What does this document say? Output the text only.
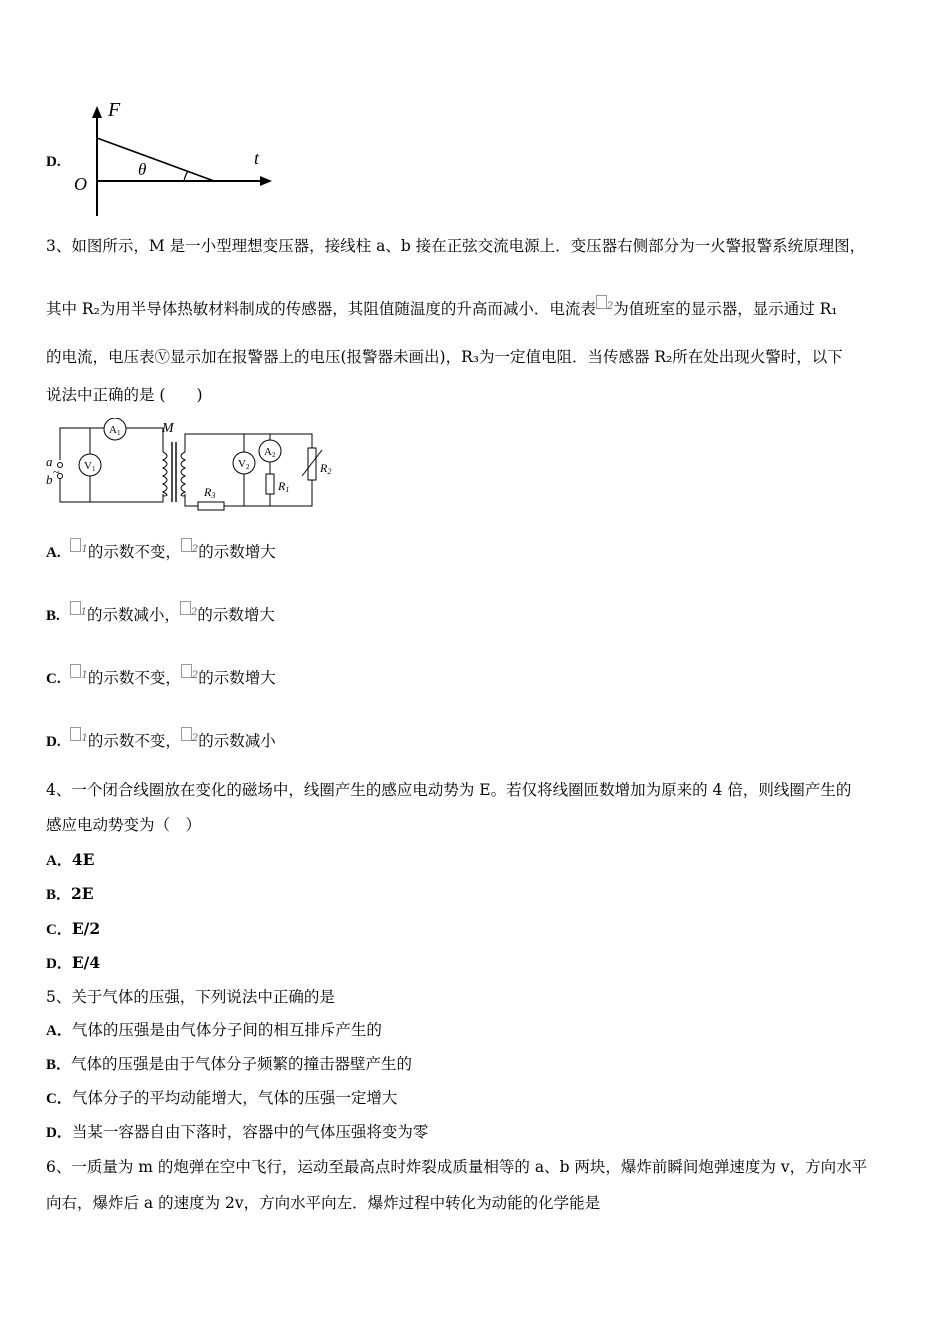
D.
F
t
O
θ
3、如图所示，M 是一小型理想变压器，接线柱 a、b 接在正弦交流电源上．变压器右侧部分为一火警报警系统原理图，
其中 R₂为用半导体热敏材料制成的传感器，其阻值随温度的升高而减小．电流表 $^2$为值班室的显示器，显示通过 R₁
的电流，电压表Ⓥ显示加在报警器上的电压(报警器未画出)，R₃为一定值电阻．当传感器 R₂所在处出现火警时，以下
说法中正确的是 (　　)
a
b ~
M
V1
A1
V2
A2
R1
R2
R3
A. $^1$的示数不变， $^2$的示数增大
B. $^1$的示数减小， $^2$的示数增大
C. $^1$的示数不变， $^2$的示数增大
D. $^1$的示数不变， $^2$的示数减小
4、一个闭合线圈放在变化的磁场中，线圈产生的感应电动势为 E。若仅将线圈匝数增加为原来的 4 倍，则线圈产生的
感应电动势变为（　）
A．4E
B．2E
C．E/2
D．E/4
5、关于气体的压强，下列说法中正确的是
A．气体的压强是由气体分子间的相互排斥产生的
B．气体的压强是由于气体分子频繁的撞击器壁产生的
C．气体分子的平均动能增大，气体的压强一定增大
D．当某一容器自由下落时，容器中的气体压强将变为零
6、一质量为 m 的炮弹在空中飞行，运动至最高点时炸裂成质量相等的 a、b 两块，爆炸前瞬间炮弹速度为 v，方向水平
向右，爆炸后 a 的速度为 2v，方向水平向左．爆炸过程中转化为动能的化学能是
